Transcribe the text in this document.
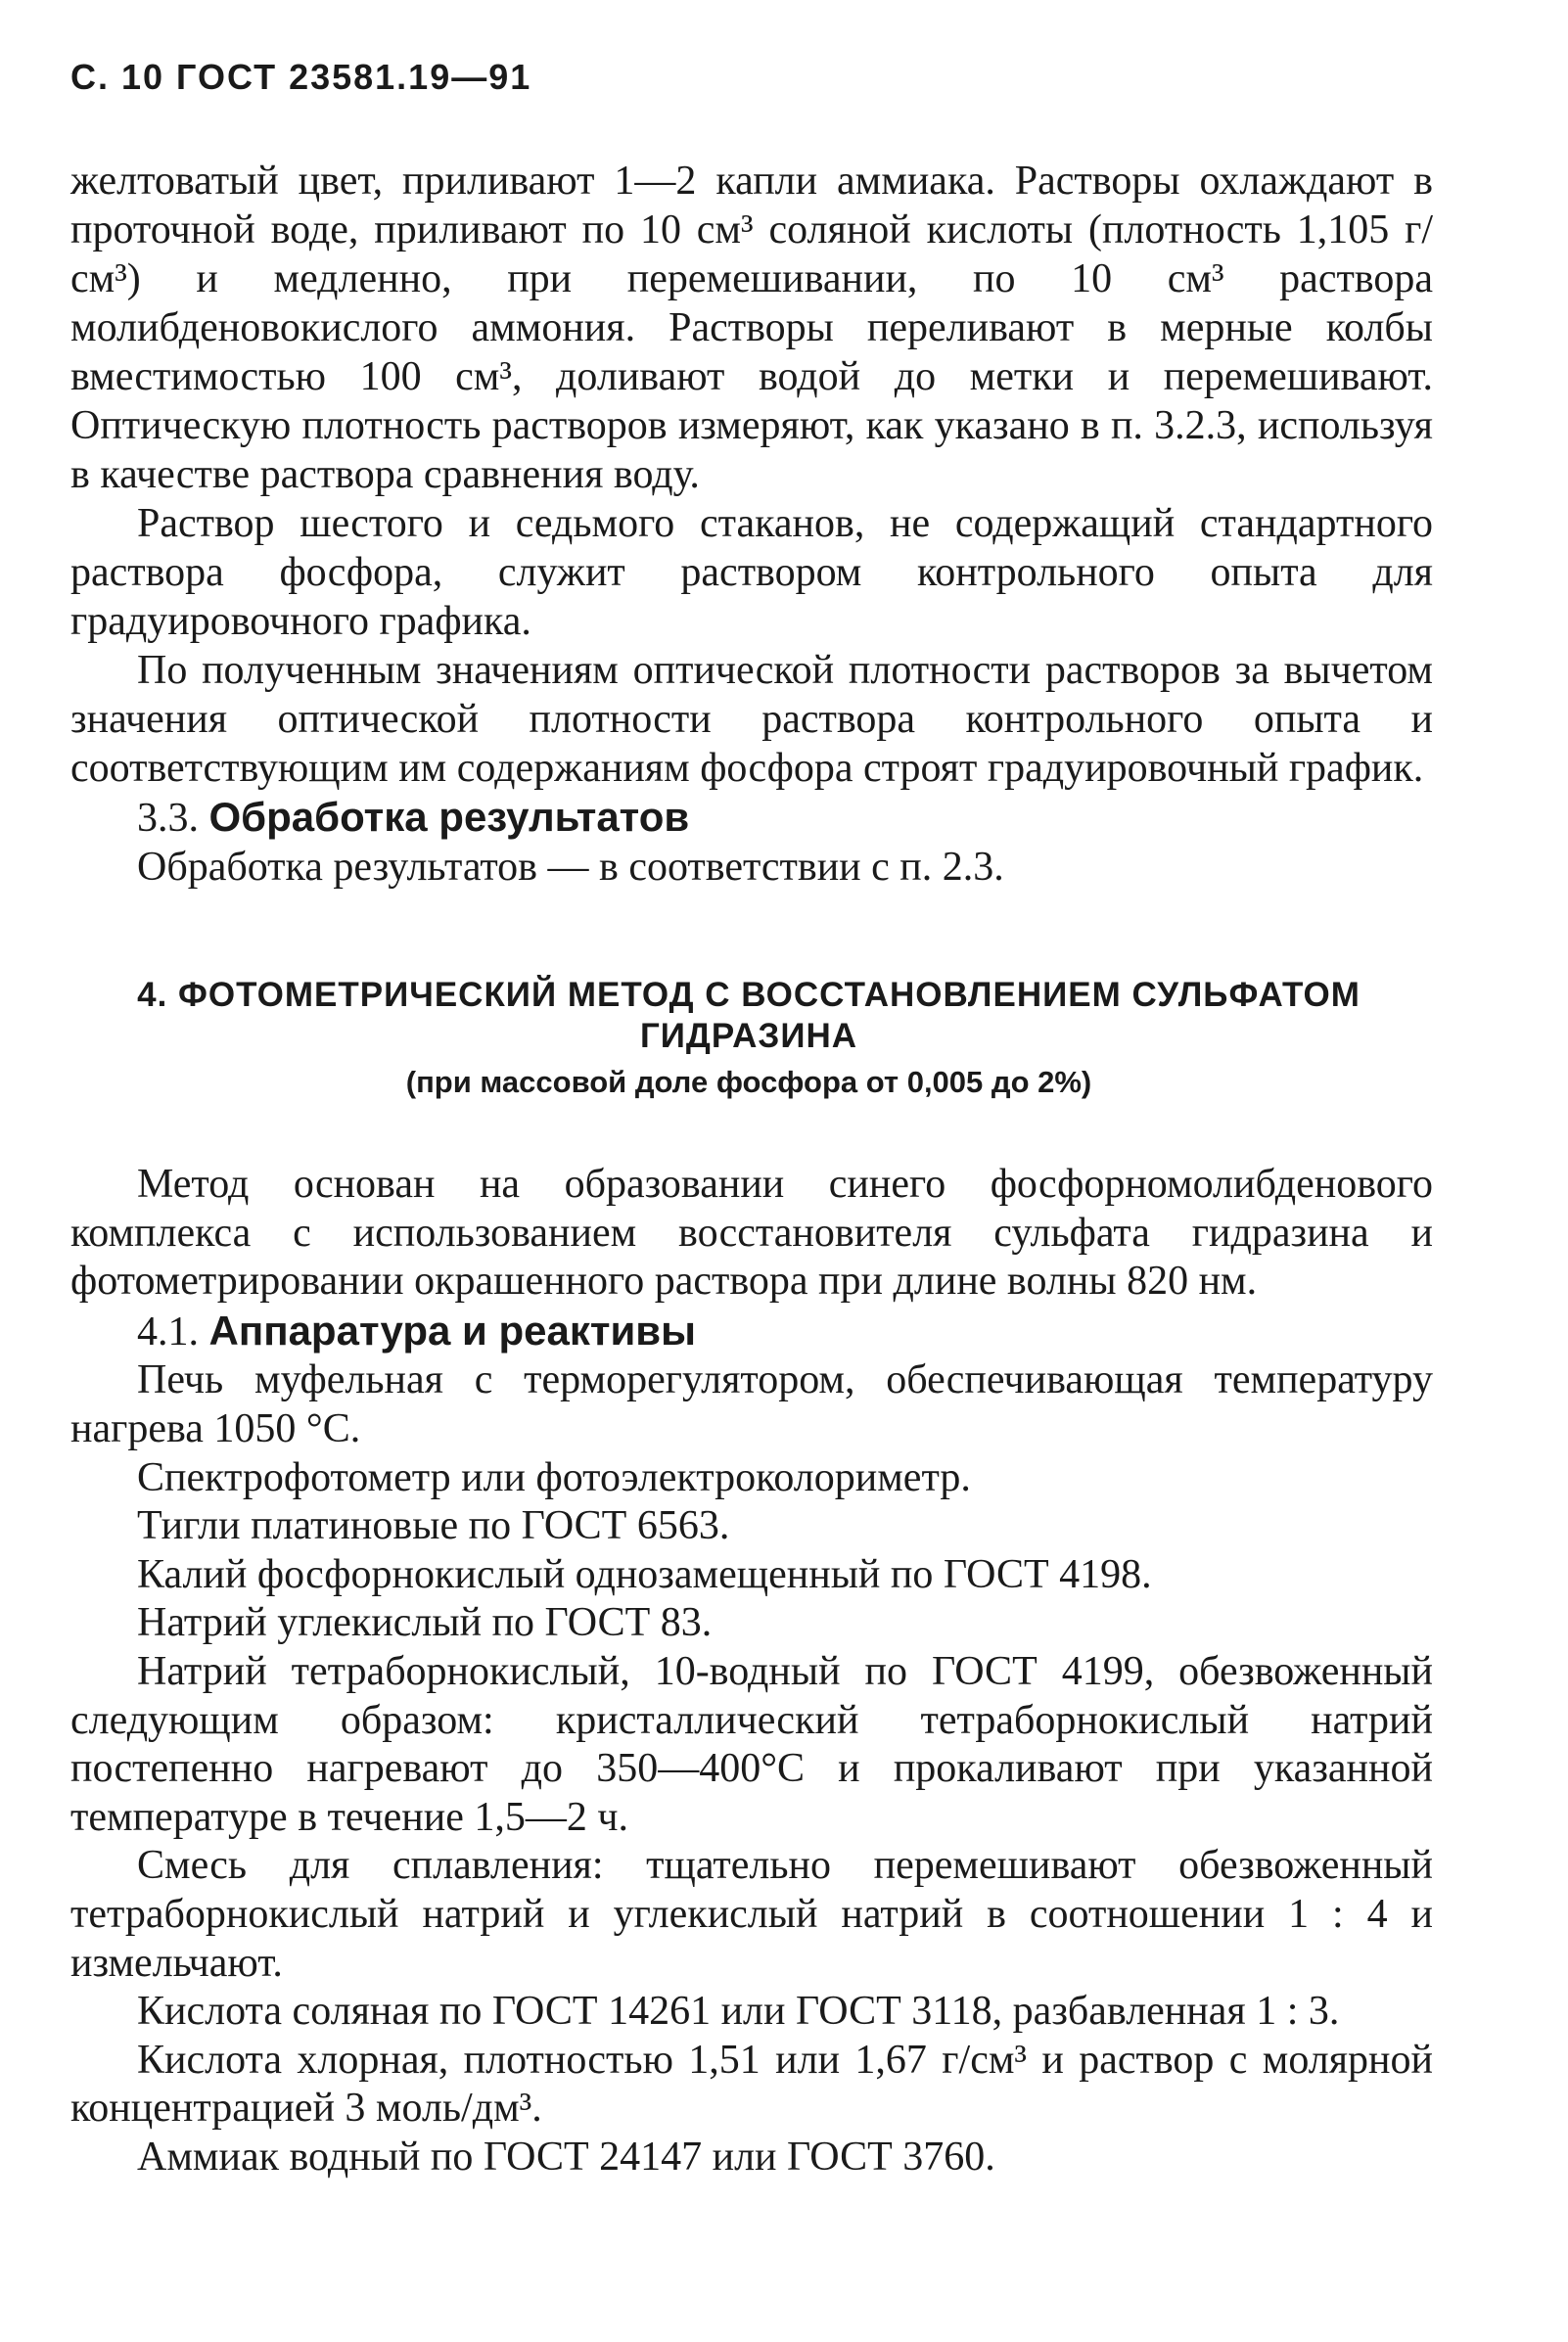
С. 10 ГОСТ 23581.19—91

желтоватый цвет, приливают 1—2 капли аммиака. Растворы охлаждают в проточной воде, приливают по 10 см³ соляной кислоты (плотность 1,105 г/см³) и медленно, при перемешивании, по 10 см³ раствора молибденовокислого аммония. Растворы переливают в мерные колбы вместимостью 100 см³, доливают водой до метки и перемешивают. Оптическую плотность растворов измеряют, как указано в п. 3.2.3, используя в качестве раствора сравнения воду.

Раствор шестого и седьмого стаканов, не содержащий стандартного раствора фосфора, служит раствором контрольного опыта для градуировочного графика.

По полученным значениям оптической плотности растворов за вычетом значения оптической плотности раствора контрольного опыта и соответствующим им содержаниям фосфора строят градуировочный график.

3.3. Обработка результатов

Обработка результатов — в соответствии с п. 2.3.

4. ФОТОМЕТРИЧЕСКИЙ МЕТОД С ВОССТАНОВЛЕНИЕМ СУЛЬФАТОМ ГИДРАЗИНА
(при массовой доле фосфора от 0,005 до 2%)

Метод основан на образовании синего фосфорномолибденового комплекса с использованием восстановителя сульфата гидразина и фотометрировании окрашенного раствора при длине волны 820 нм.

4.1. Аппаратура и реактивы

Печь муфельная с терморегулятором, обеспечивающая температуру нагрева 1050 °С.

Спектрофотометр или фотоэлектроколориметр.

Тигли платиновые по ГОСТ 6563.

Калий фосфорнокислый однозамещенный по ГОСТ 4198.

Натрий углекислый по ГОСТ 83.

Натрий тетраборнокислый, 10-водный по ГОСТ 4199, обезвоженный следующим образом: кристаллический тетраборнокислый натрий постепенно нагревают до 350—400°С и прокаливают при указанной температуре в течение 1,5—2 ч.

Смесь для сплавления: тщательно перемешивают обезвоженный тетраборнокислый натрий и углекислый натрий в соотношении 1 : 4 и измельчают.

Кислота соляная по ГОСТ 14261 или ГОСТ 3118, разбавленная 1 : 3.

Кислота хлорная, плотностью 1,51 или 1,67 г/см³ и раствор с молярной концентрацией 3 моль/дм³.

Аммиак водный по ГОСТ 24147 или ГОСТ 3760.
